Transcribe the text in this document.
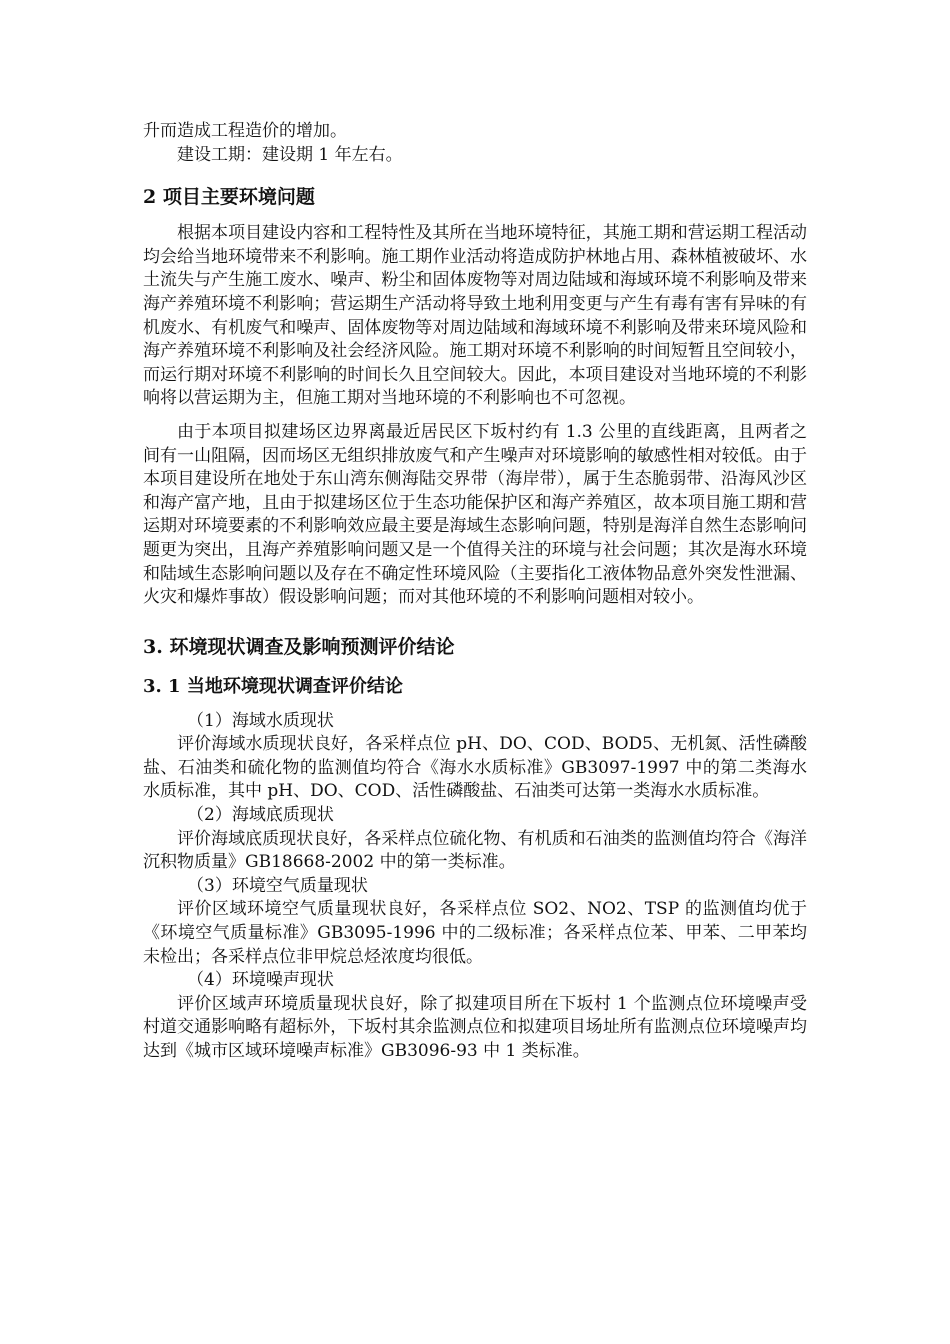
升而造成工程造价的增加。

建设工期：建设期 1 年左右。

2 项目主要环境问题

根据本项目建设内容和工程特性及其所在当地环境特征，其施工期和营运期工程活动均会给当地环境带来不利影响。施工期作业活动将造成防护林地占用、森林植被破坏、水土流失与产生施工废水、噪声、粉尘和固体废物等对周边陆域和海域环境不利影响及带来海产养殖环境不利影响；营运期生产活动将导致土地利用变更与产生有毒有害有异味的有机废水、有机废气和噪声、固体废物等对周边陆域和海域环境不利影响及带来环境风险和海产养殖环境不利影响及社会经济风险。施工期对环境不利影响的时间短暂且空间较小，而运行期对环境不利影响的时间长久且空间较大。因此，本项目建设对当地环境的不利影响将以营运期为主，但施工期对当地环境的不利影响也不可忽视。

由于本项目拟建场区边界离最近居民区下坂村约有 1.3 公里的直线距离，且两者之间有一山阻隔，因而场区无组织排放废气和产生噪声对环境影响的敏感性相对较低。由于本项目建设所在地处于东山湾东侧海陆交界带（海岸带），属于生态脆弱带、沿海风沙区和海产富产地，且由于拟建场区位于生态功能保护区和海产养殖区，故本项目施工期和营运期对环境要素的不利影响效应最主要是海域生态影响问题，特别是海洋自然生态影响问题更为突出，且海产养殖影响问题又是一个值得关注的环境与社会问题；其次是海水环境和陆域生态影响问题以及存在不确定性环境风险（主要指化工液体物品意外突发性泄漏、火灾和爆炸事故）假设影响问题；而对其他环境的不利影响问题相对较小。

3. 环境现状调查及影响预测评价结论
3. 1 当地环境现状调查评价结论

（1）海域水质现状

评价海域水质现状良好，各采样点位 pH、DO、COD、BOD5、无机氮、活性磷酸盐、石油类和硫化物的监测值均符合《海水水质标准》GB3097-1997 中的第二类海水水质标准，其中 pH、DO、COD、活性磷酸盐、石油类可达第一类海水水质标准。

（2）海域底质现状

评价海域底质现状良好，各采样点位硫化物、有机质和石油类的监测值均符合《海洋沉积物质量》GB18668-2002 中的第一类标准。

（3）环境空气质量现状

评价区域环境空气质量现状良好，各采样点位 SO2、NO2、TSP 的监测值均优于《环境空气质量标准》GB3095-1996 中的二级标准；各采样点位苯、甲苯、二甲苯均未检出；各采样点位非甲烷总烃浓度均很低。

（4）环境噪声现状

评价区域声环境质量现状良好，除了拟建项目所在下坂村 1 个监测点位环境噪声受村道交通影响略有超标外，下坂村其余监测点位和拟建项目场址所有监测点位环境噪声均达到《城市区域环境噪声标准》GB3096-93 中 1 类标准。
